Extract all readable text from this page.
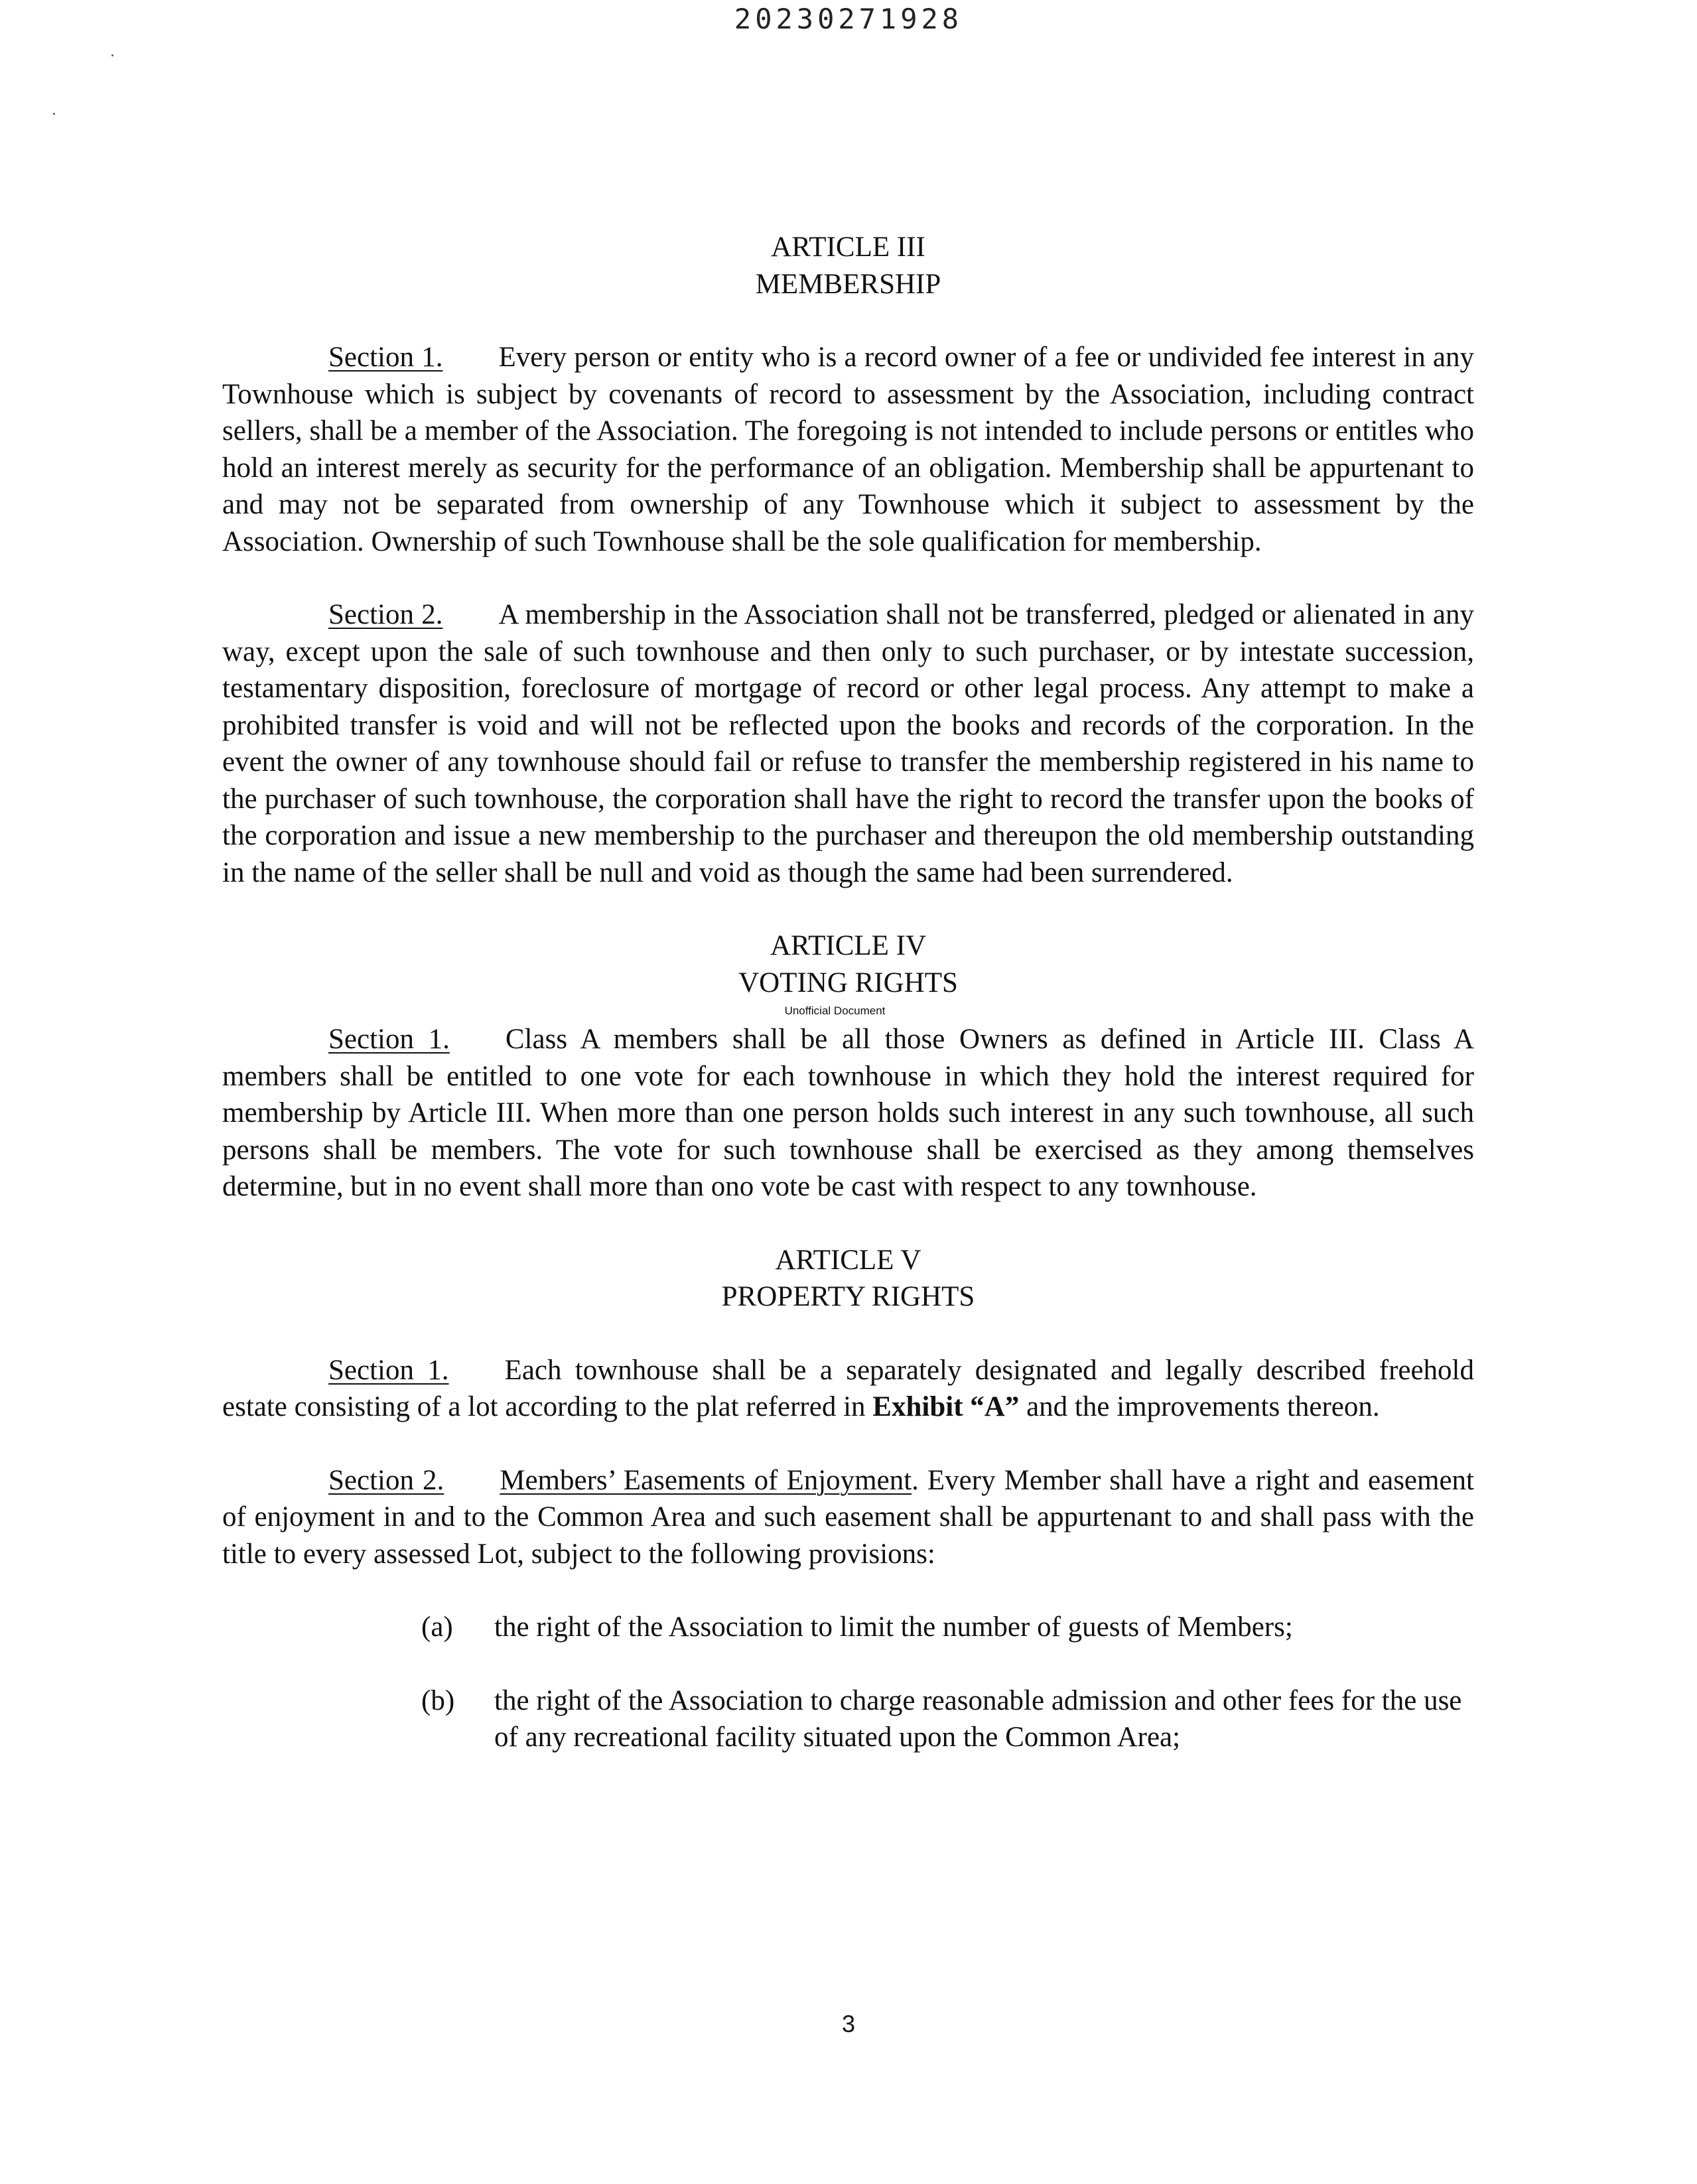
20230271928
ARTICLE III
MEMBERSHIP

Section 1. Every person or entity who is a record owner of a fee or undivided fee interest in any Townhouse which is subject by covenants of record to assessment by the Association, including contract sellers, shall be a member of the Association. The foregoing is not intended to include persons or entitles who hold an interest merely as security for the performance of an obligation. Membership shall be appurtenant to and may not be separated from ownership of any Townhouse which it subject to assessment by the Association. Ownership of such Townhouse shall be the sole qualification for membership.

Section 2. A membership in the Association shall not be transferred, pledged or alienated in any way, except upon the sale of such townhouse and then only to such purchaser, or by intestate succession, testamentary disposition, foreclosure of mortgage of record or other legal process. Any attempt to make a prohibited transfer is void and will not be reflected upon the books and records of the corporation. In the event the owner of any townhouse should fail or refuse to transfer the membership registered in his name to the purchaser of such townhouse, the corporation shall have the right to record the transfer upon the books of the corporation and issue a new membership to the purchaser and thereupon the old membership outstanding in the name of the seller shall be null and void as though the same had been surrendered.

ARTICLE IV
VOTING RIGHTS
Unofficial Document

Section 1. Class A members shall be all those Owners as defined in Article III. Class A members shall be entitled to one vote for each townhouse in which they hold the interest required for membership by Article III. When more than one person holds such interest in any such townhouse, all such persons shall be members. The vote for such townhouse shall be exercised as they among themselves determine, but in no event shall more than ono vote be cast with respect to any townhouse.

ARTICLE V
PROPERTY RIGHTS

Section 1. Each townhouse shall be a separately designated and legally described freehold estate consisting of a lot according to the plat referred in Exhibit “A” and the improvements thereon.

Section 2. Members’ Easements of Enjoyment. Every Member shall have a right and easement of enjoyment in and to the Common Area and such easement shall be appurtenant to and shall pass with the title to every assessed Lot, subject to the following provisions:

(a)	the right of the Association to limit the number of guests of Members;
(b)	the right of the Association to charge reasonable admission and other fees for the use of any recreational facility situated upon the Common Area;
3
